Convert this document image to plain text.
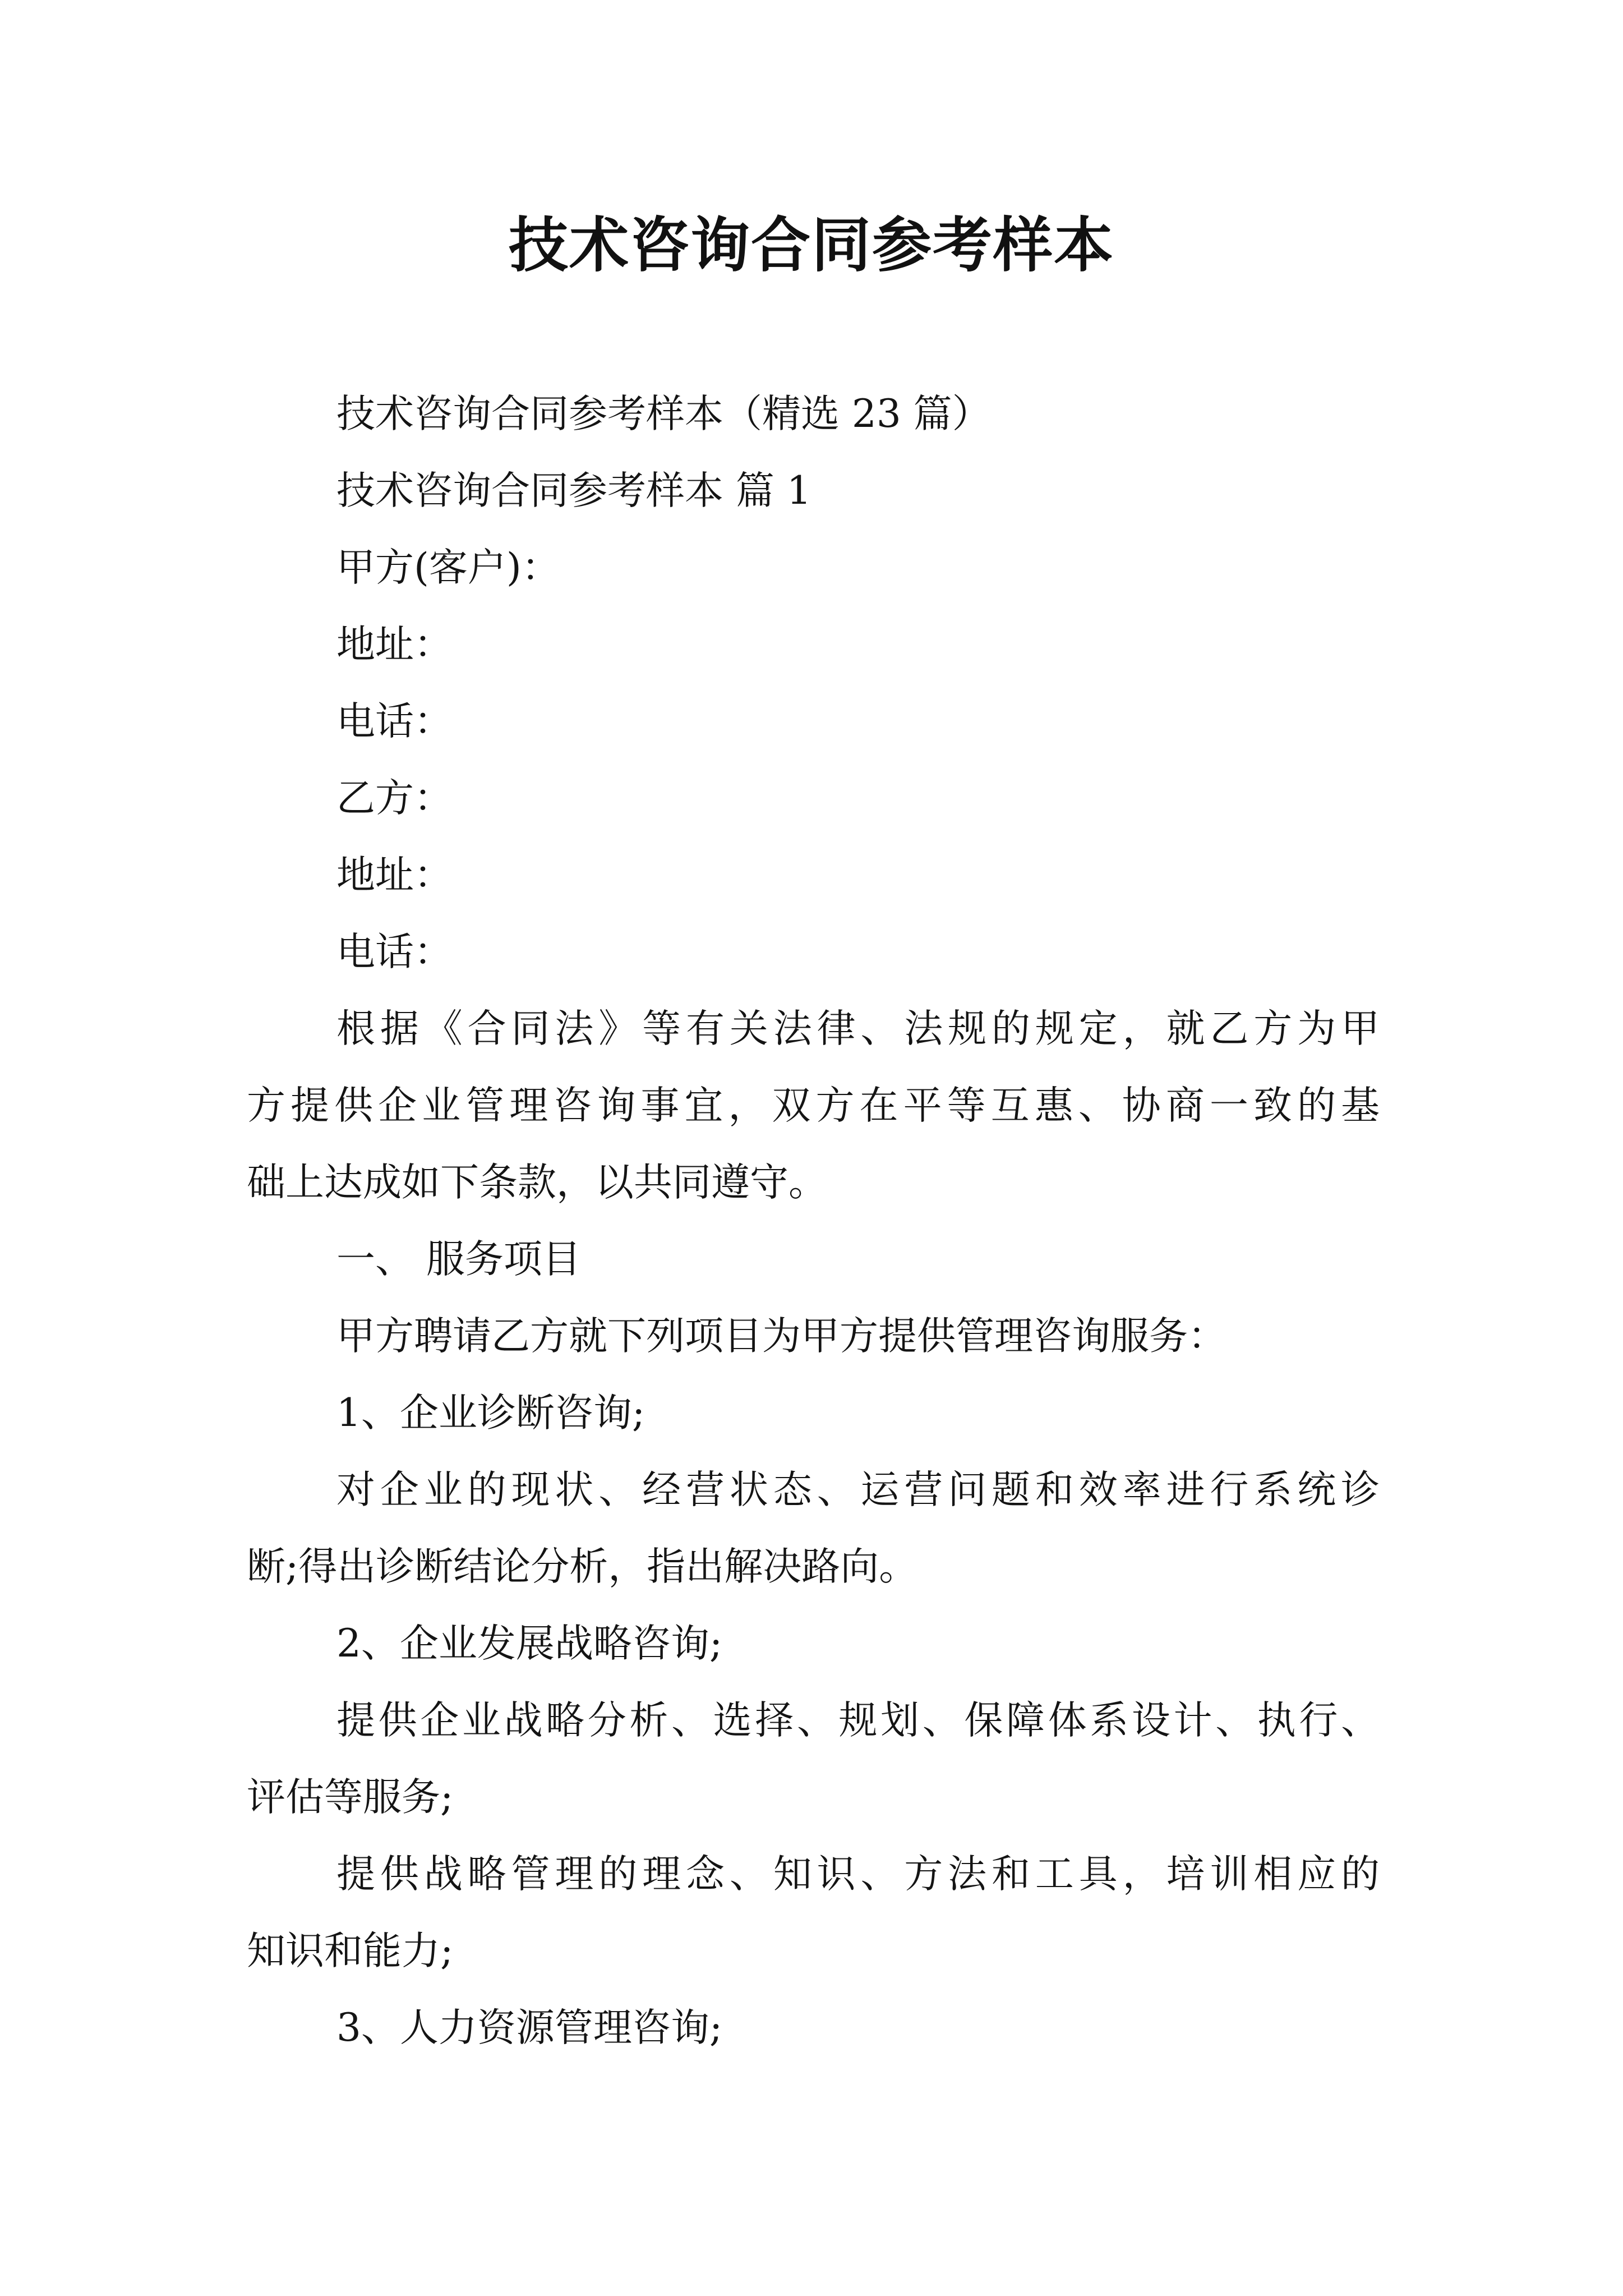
技术咨询合同参考样本

技术咨询合同参考样本（精选 23 篇）

技术咨询合同参考样本 篇 1

甲方(客户)：

地址：

电话：

乙方：

地址：

电话：

根据《合同法》等有关法律、法规的规定，就乙方为甲

方提供企业管理咨询事宜，双方在平等互惠、协商一致的基

础上达成如下条款，以共同遵守。

一、 服务项目

甲方聘请乙方就下列项目为甲方提供管理咨询服务：

1、企业诊断咨询;

对企业的现状、经营状态、运营问题和效率进行系统诊

断;得出诊断结论分析，指出解决路向。

2、企业发展战略咨询;

提供企业战略分析、选择、规划、保障体系设计、执行、

评估等服务;

提供战略管理的理念、知识、方法和工具，培训相应的

知识和能力;

3、人力资源管理咨询;
